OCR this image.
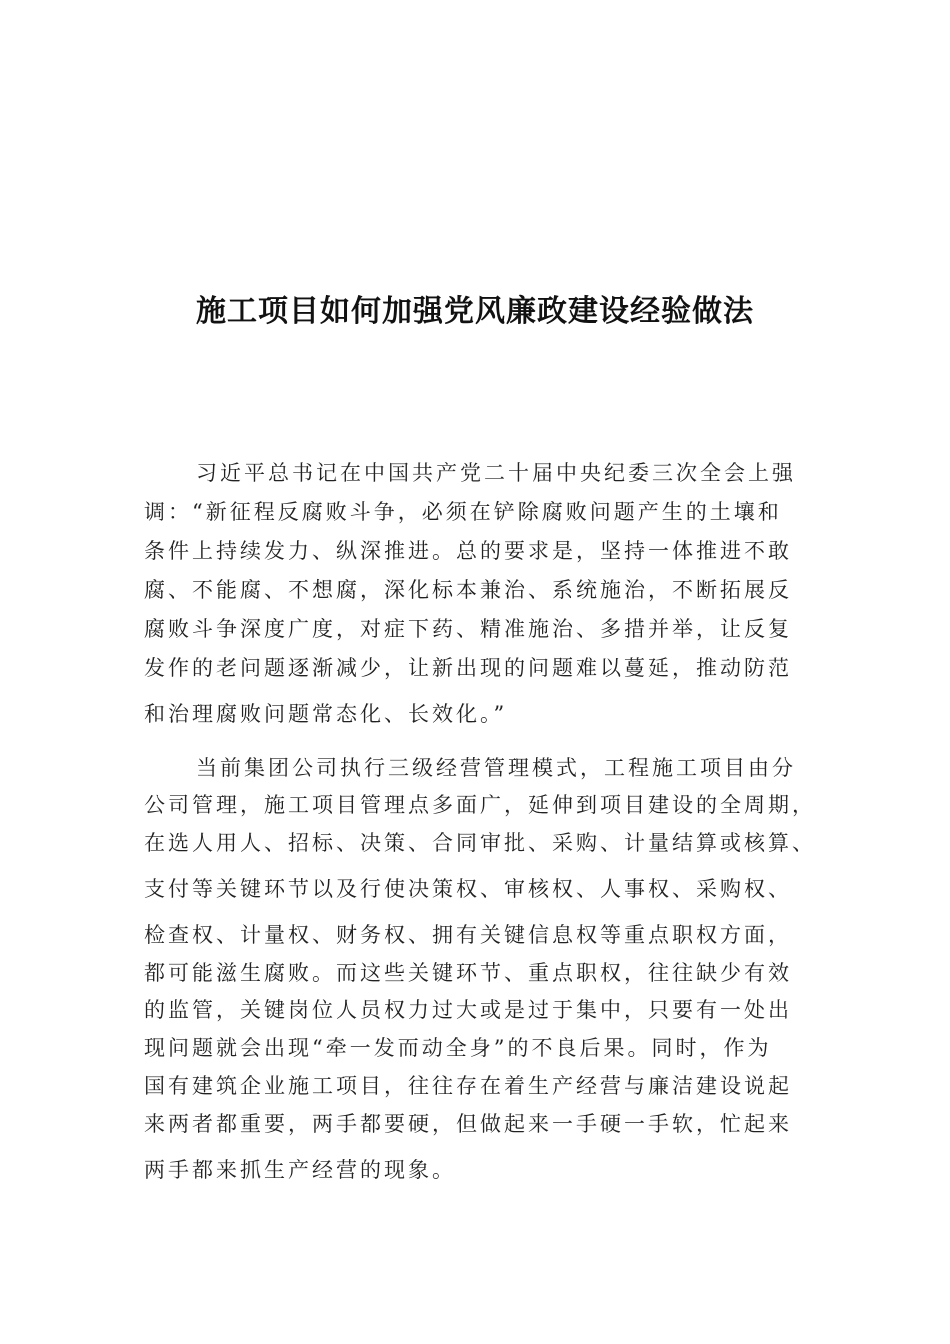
施工项目如何加强党风廉政建设经验做法

习近平总书记在中国共产党二十届中央纪委三次全会上强

调：“新征程反腐败斗争，必须在铲除腐败问题产生的土壤和

条件上持续发力、纵深推进。总的要求是，坚持一体推进不敢

腐、不能腐、不想腐，深化标本兼治、系统施治，不断拓展反

腐败斗争深度广度，对症下药、精准施治、多措并举，让反复

发作的老问题逐渐减少，让新出现的问题难以蔓延，推动防范

和治理腐败问题常态化、长效化。”

当前集团公司执行三级经营管理模式，工程施工项目由分

公司管理，施工项目管理点多面广，延伸到项目建设的全周期，

在选人用人、招标、决策、合同审批、采购、计量结算或核算、

支付等关键环节以及行使决策权、审核权、人事权、采购权、

检查权、计量权、财务权、拥有关键信息权等重点职权方面，

都可能滋生腐败。而这些关键环节、重点职权，往往缺少有效

的监管，关键岗位人员权力过大或是过于集中，只要有一处出

现问题就会出现“牵一发而动全身”的不良后果。同时，作为

国有建筑企业施工项目，往往存在着生产经营与廉洁建设说起

来两者都重要，两手都要硬，但做起来一手硬一手软，忙起来

两手都来抓生产经营的现象。
